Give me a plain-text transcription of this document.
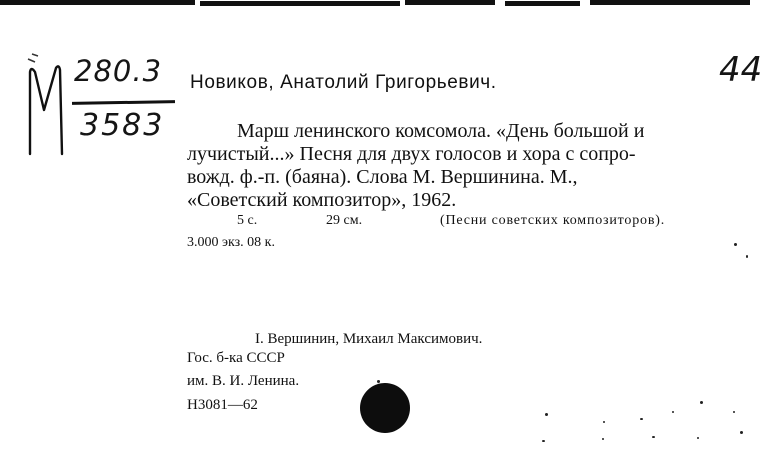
280.3
3583
44
Новиков, Анатолий Григорьевич.
Марш ленинского комсомола. «День большой и
лучистый...» Песня для двух голосов и хора с сопро-
вожд. ф.-п. (баяна). Слова М. Вершинина. М.,
«Советский композитор», 1962.
5 с.	29 см.	(Песни советских композиторов).
3.000 экз. 08 к.
I. Вершинин, Михаил Максимович.
Гос. б-ка СССР
им. В. И. Ленина.
Н3081—62
